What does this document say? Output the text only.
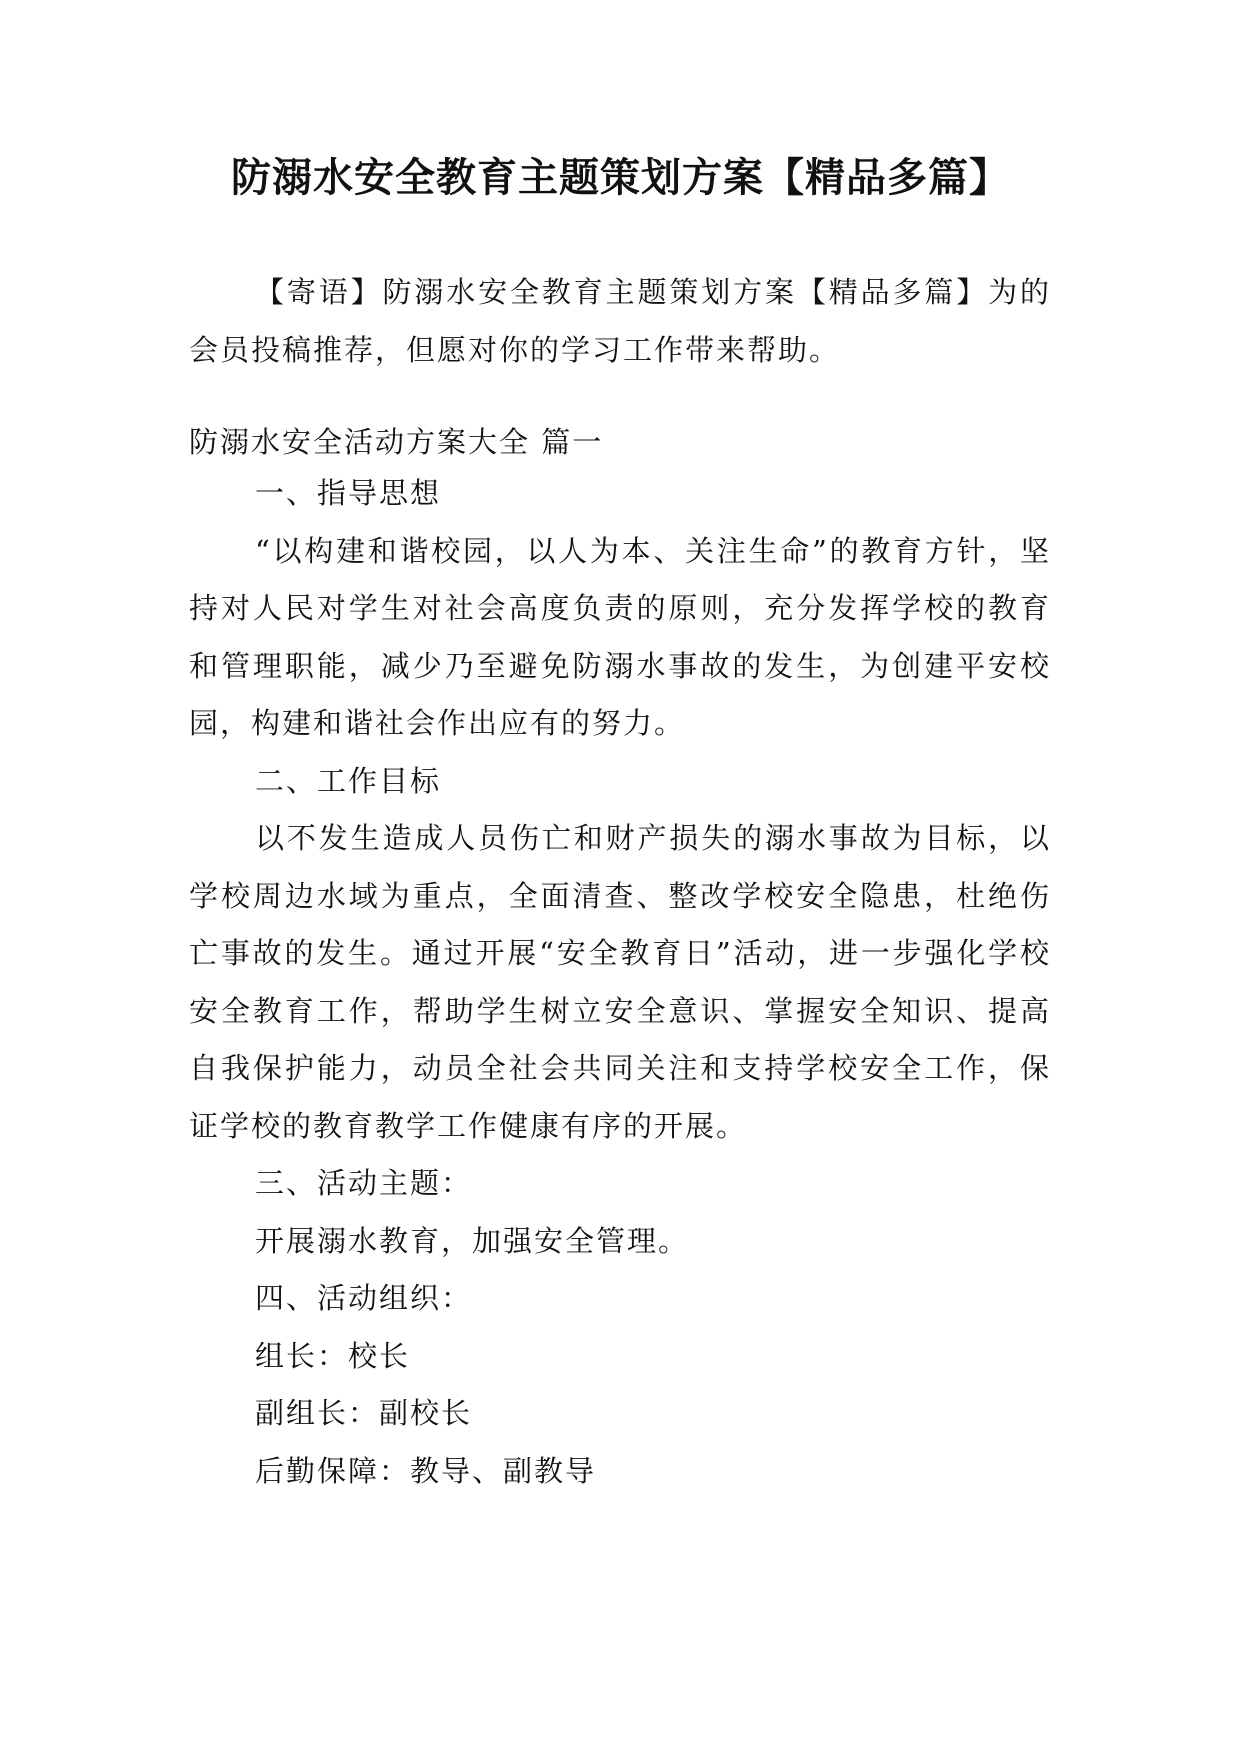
防溺水安全教育主题策划方案【精品多篇】

【寄语】防溺水安全教育主题策划方案【精品多篇】为的会员投稿推荐，但愿对你的学习工作带来帮助。

防溺水安全活动方案大全 篇一

一、指导思想

“以构建和谐校园，以人为本、关注生命”的教育方针，坚持对人民对学生对社会高度负责的原则，充分发挥学校的教育和管理职能，减少乃至避免防溺水事故的发生，为创建平安校园，构建和谐社会作出应有的努力。

二、工作目标

以不发生造成人员伤亡和财产损失的溺水事故为目标，以学校周边水域为重点，全面清查、整改学校安全隐患，杜绝伤亡事故的发生。通过开展“安全教育日”活动，进一步强化学校安全教育工作，帮助学生树立安全意识、掌握安全知识、提高自我保护能力，动员全社会共同关注和支持学校安全工作，保证学校的教育教学工作健康有序的开展。

三、活动主题：

开展溺水教育，加强安全管理。

四、活动组织：

组长：校长

副组长：副校长

后勤保障：教导、副教导
